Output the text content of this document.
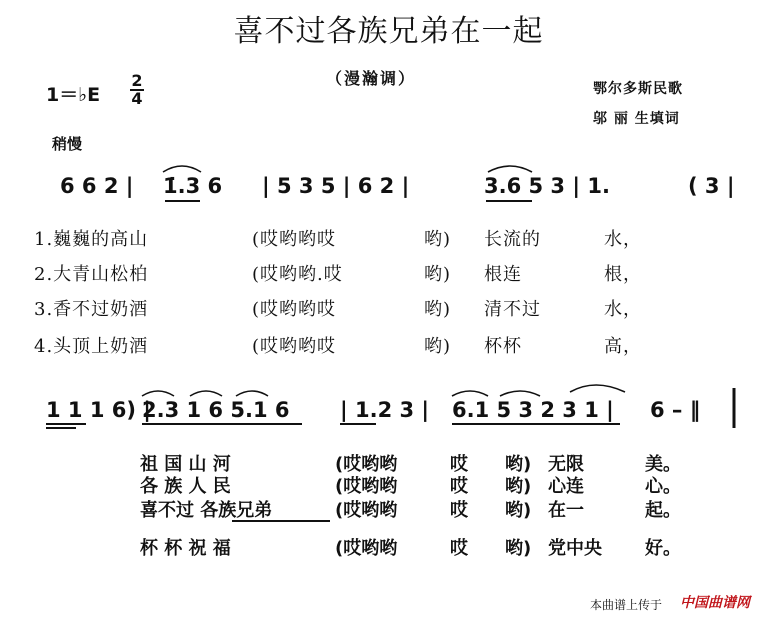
喜不过各族兄弟在一起
（漫瀚调）
1＝♭E
2
4	鄂尔多斯民歌
邬 丽 生填词
稍慢
6 6 2 | 1̇.3 6 | 5 3 5 | 6 2 |	3.6 5 3 | 1.	( 3 |
1.巍巍的高山	(哎哟哟哎	哟) 长流的	水，
2.大青山松柏	(哎哟哟.哎	哟) 根连	根，
3.香不过奶酒	(哎哟哟哎	哟) 清不过	水，
4.头顶上奶酒	(哎哟哟哎	哟) 杯杯	高，
1 1 1 6) |
2.3 1 6 5.1 6 | 1.2 3 | 6.1 5 3 2 3 1 | 6 – ‖
祖 国 山 河	(哎哟哟	哎 哟) 无限	美。
各 族 人 民	(哎哟哟	哎 哟) 心连	心。
喜不过 各族兄弟	(哎哟哟	哎 哟) 在一	起。
杯 杯 祝 福	(哎哟哟	哎 哟) 党中央 好。
本曲谱上传于 中国曲谱网
